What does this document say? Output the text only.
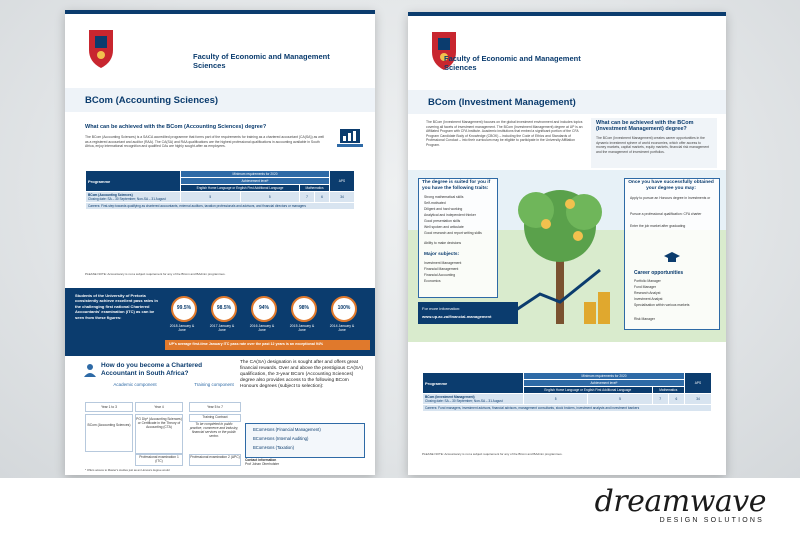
Faculty of Economic and Management Sciences
BCom (Accounting Sciences)
What can be achieved with the BCom (Accounting Sciences) degree?
The BCom (Accounting Sciences) is a SAICA accredited programme that forms part of the requirements for training as a chartered accountant (CA(SA)) as well as a registered accountant and auditor (RAA). The CA(SA) and RAA qualifications are the highest professional qualifications in accounting available in South Africa, enjoy international recognition and qualified CAs are highly sought-after as employees.
Programme	Minimum requirements for 2020				APS
	Achievement level*				
	English Home Language or English First Additional Language		Mathematics		

BCom (Accounting Sciences)
Closing date: SA – 30 September; Non-SA – 31 August	5	5	7	6	34
Careers: First-step towards qualifying as chartered accountants, external auditors, taxation professionals and advisors, and financial directors or managers					
PLEASE NOTE: Accountancy is not a subject requirement for any of the BCom and BAdmin programmes.
Students of the University of Pretoria consistently achieve excellent pass rates in the challenging first national Chartered Accountants' examination (ITC) as can be seen from these figures:
99.5%	98.5%	94%	98%	100%
2018 January & June
2017 January & June
2016 January & June
2015 January & June
2014 January & June
UP's average first-time January ITC pass rate over the past 12 years is an exceptional 94%
How do you become a Chartered Accountant in South Africa?
Academic component	Training component
Year 1 to 3	Year 4	Year 5 to 7
BCom (Accounting Sciences)
PG Dip* (Accounting Sciences) or Certificate in the Theory of Accounting (CTA)
Training Contract
To be completed in public practice, commerce and industry, financial services or the public sector.
Professional examination 1 (ITC)
Professional examination 2 (APC)
* Offers access to Master's studies just as an Honours degree would
The CA(SA) designation is sought after and offers great financial rewards. Over and above the prestigious CA(SA) qualification, the 3-year BCom (Accounting Sciences) degree also provides access to the following BCom Honours degrees (subject to selection):
BComHons (Financial Management)
BComHons (Internal Auditing)
BComHons (Taxation)
Contact information
Prof Johan Oberholster
Faculty of Economic and Management Sciences
BCom (Investment Management)
The BCom (Investment Management) focuses on the global investment environment and includes topics covering all facets of investment management. The BCom (Investment Management) degree at UP is an Affiliated Program with CFA Institute. Academic institutions that embed a significant portion of the CFA Program Candidate Body of Knowledge (CBOK) – including the Code of Ethics and Standards of Professional Conduct – into their curriculum may be eligible to participate in the University Affiliation Program.
What can be achieved with the BCom (Investment Management) degree?
The BCom (Investment Management) creates career opportunities in the dynamic investment sphere of world economies, which offer access to money markets, capital markets, equity markets, financial risk management and the management of investment portfolios.
The degree is suited for you if you have the following traits:
Strong mathematical skills
Self-motivated
Diligent and hard working
Analytical and independent thinker
Good presentation skills
Well spoken and articulate
Good research and report writing skills
Ability to make decisions
Major subjects:
Investment Management
Financial Management
Financial Accounting
Economics
For more information:
www.up.ac.za/financial-management
Once you have successfully obtained your degree you may:
Apply to pursue an Honours degree in Investments or
Pursue a professional qualification: CFA charter
Enter the job market after graduating
Career opportunities
Portfolio Manager
Fund Manager
Research Analyst
Investment Analyst
Specialisation within various markets
Risk Manager
Programme	Minimum requirements for 2020				APS
	Achievement level*				
	English Home Language or English First Additional Language		Mathematics		

BCom (Investment Management)
Closing date: SA – 30 September; Non-SA – 31 August	5	5	7	6	34
Careers: Fund managers, investment advisors, financial advisors, management consultants, stock brokers, investment analysts and investment bankers					
PLEASE NOTE: Accountancy is not a subject requirement for any of the BCom and BAdmin programmes.
dreamwave
DESIGN SOLUTIONS
